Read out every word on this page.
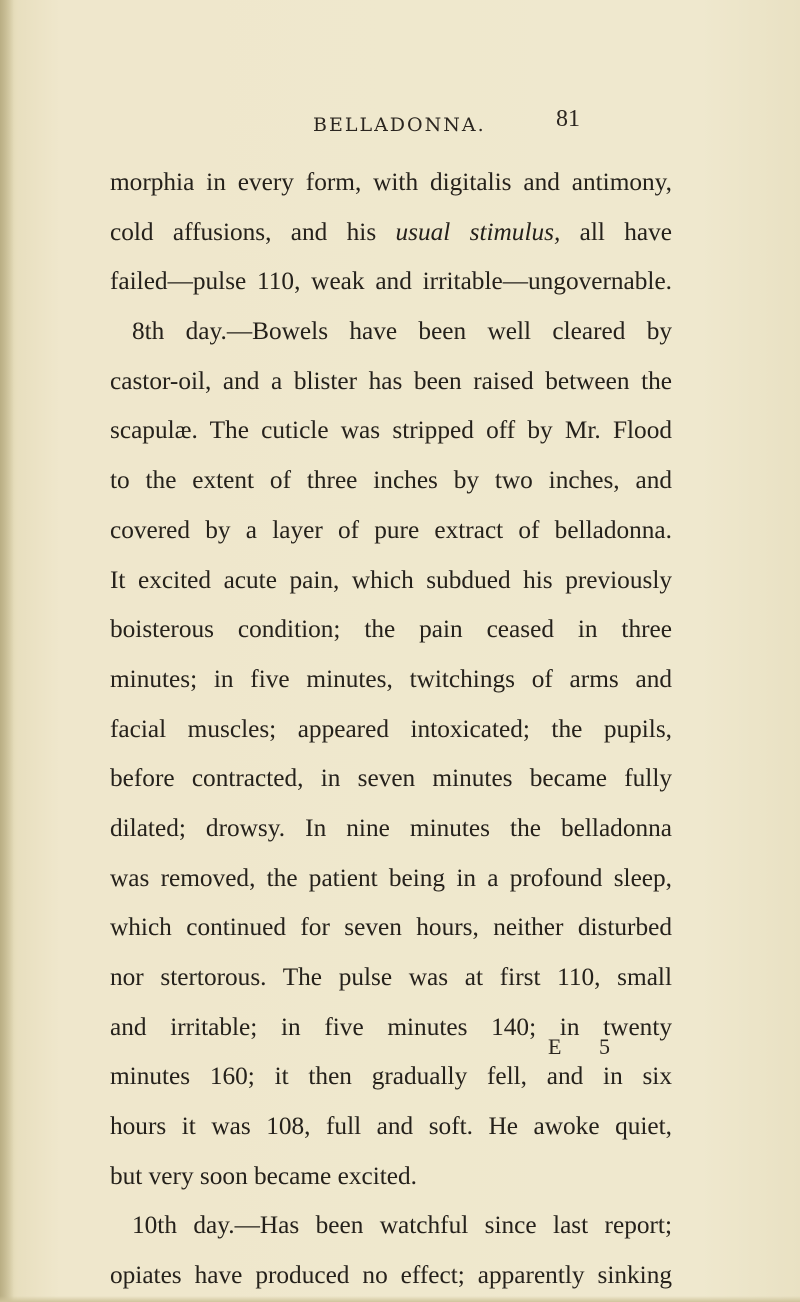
BELLADONNA.	81
morphia in every form, with digitalis and antimony,
cold affusions, and his usual stimulus, all have
failed—pulse 110, weak and irritable—ungovernable.
8th day.—Bowels have been well cleared by
castor-oil, and a blister has been raised between the
scapulæ. The cuticle was stripped off by Mr. Flood
to the extent of three inches by two inches, and
covered by a layer of pure extract of belladonna.
It excited acute pain, which subdued his previously
boisterous condition; the pain ceased in three
minutes; in five minutes, twitchings of arms and
facial muscles; appeared intoxicated; the pupils,
before contracted, in seven minutes became fully
dilated; drowsy. In nine minutes the belladonna
was removed, the patient being in a profound sleep,
which continued for seven hours, neither disturbed
nor stertorous. The pulse was at first 110, small
and irritable; in five minutes 140; in twenty
minutes 160; it then gradually fell, and in six
hours it was 108, full and soft. He awoke quiet,
but very soon became excited.
10th day.—Has been watchful since last report;
opiates have produced no effect; apparently sinking
E 5
